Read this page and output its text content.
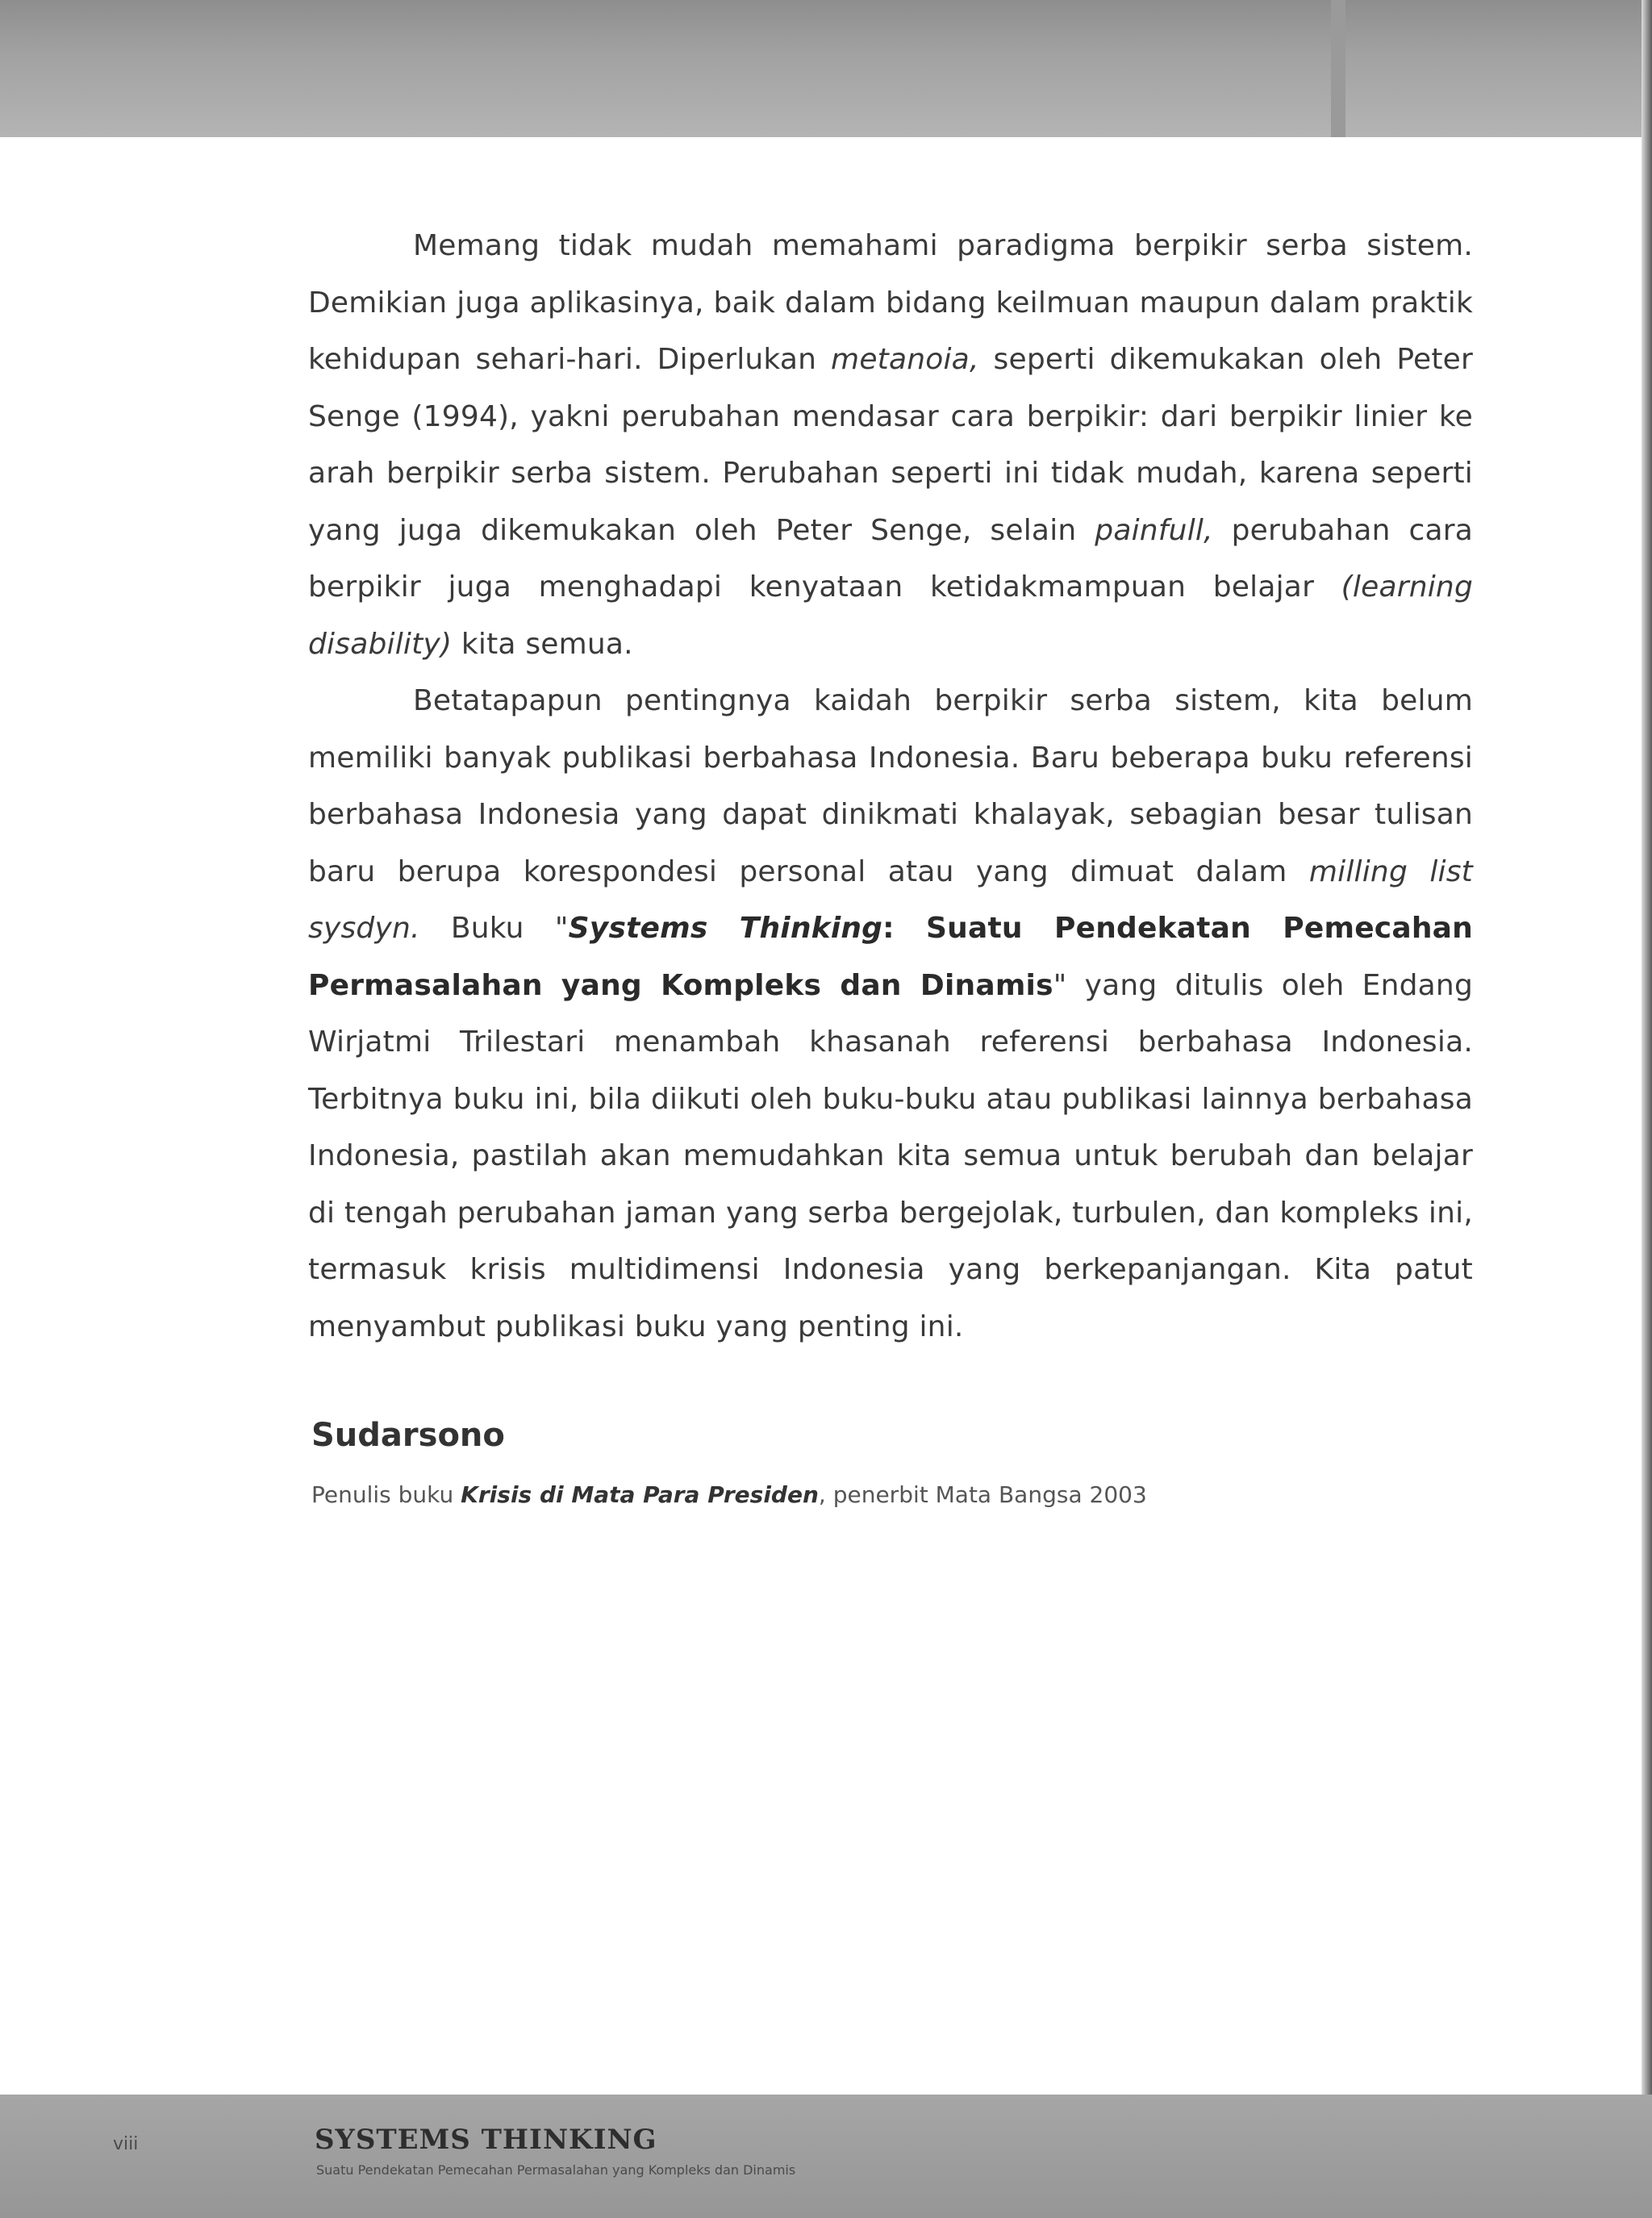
Memang tidak mudah memahami paradigma berpikir serba sistem. Demikian juga aplikasinya, baik dalam bidang keilmuan maupun dalam praktik kehidupan sehari-hari. Diperlukan metanoia, seperti dikemukakan oleh Peter Senge (1994), yakni perubahan mendasar cara berpikir: dari berpikir linier ke arah berpikir serba sistem. Perubahan seperti ini tidak mudah, karena seperti yang juga dikemukakan oleh Peter Senge, selain painfull, perubahan cara berpikir juga menghadapi kenyataan ketidakmampuan belajar (learning disability) kita semua.

Betatapapun pentingnya kaidah berpikir serba sistem, kita belum memiliki banyak publikasi berbahasa Indonesia. Baru beberapa buku referensi berbahasa Indonesia yang dapat dinikmati khalayak, sebagian besar tulisan baru berupa korespondesi personal atau yang dimuat dalam milling list sysdyn. Buku "Systems Thinking: Suatu Pendekatan Pemecahan Permasalahan yang Kompleks dan Dinamis" yang ditulis oleh Endang Wirjatmi Trilestari menambah khasanah referensi berbahasa Indonesia. Terbitnya buku ini, bila diikuti oleh buku-buku atau publikasi lainnya berbahasa Indonesia, pastilah akan memudahkan kita semua untuk berubah dan belajar di tengah perubahan jaman yang serba bergejolak, turbulen, dan kompleks ini, termasuk krisis multidimensi Indonesia yang berkepanjangan. Kita patut menyambut publikasi buku yang penting ini.

Sudarsono
Penulis buku Krisis di Mata Para Presiden, penerbit Mata Bangsa 2003
viii	SYSTEMS THINKING
Suatu Pendekatan Pemecahan Permasalahan yang Kompleks dan Dinamis
